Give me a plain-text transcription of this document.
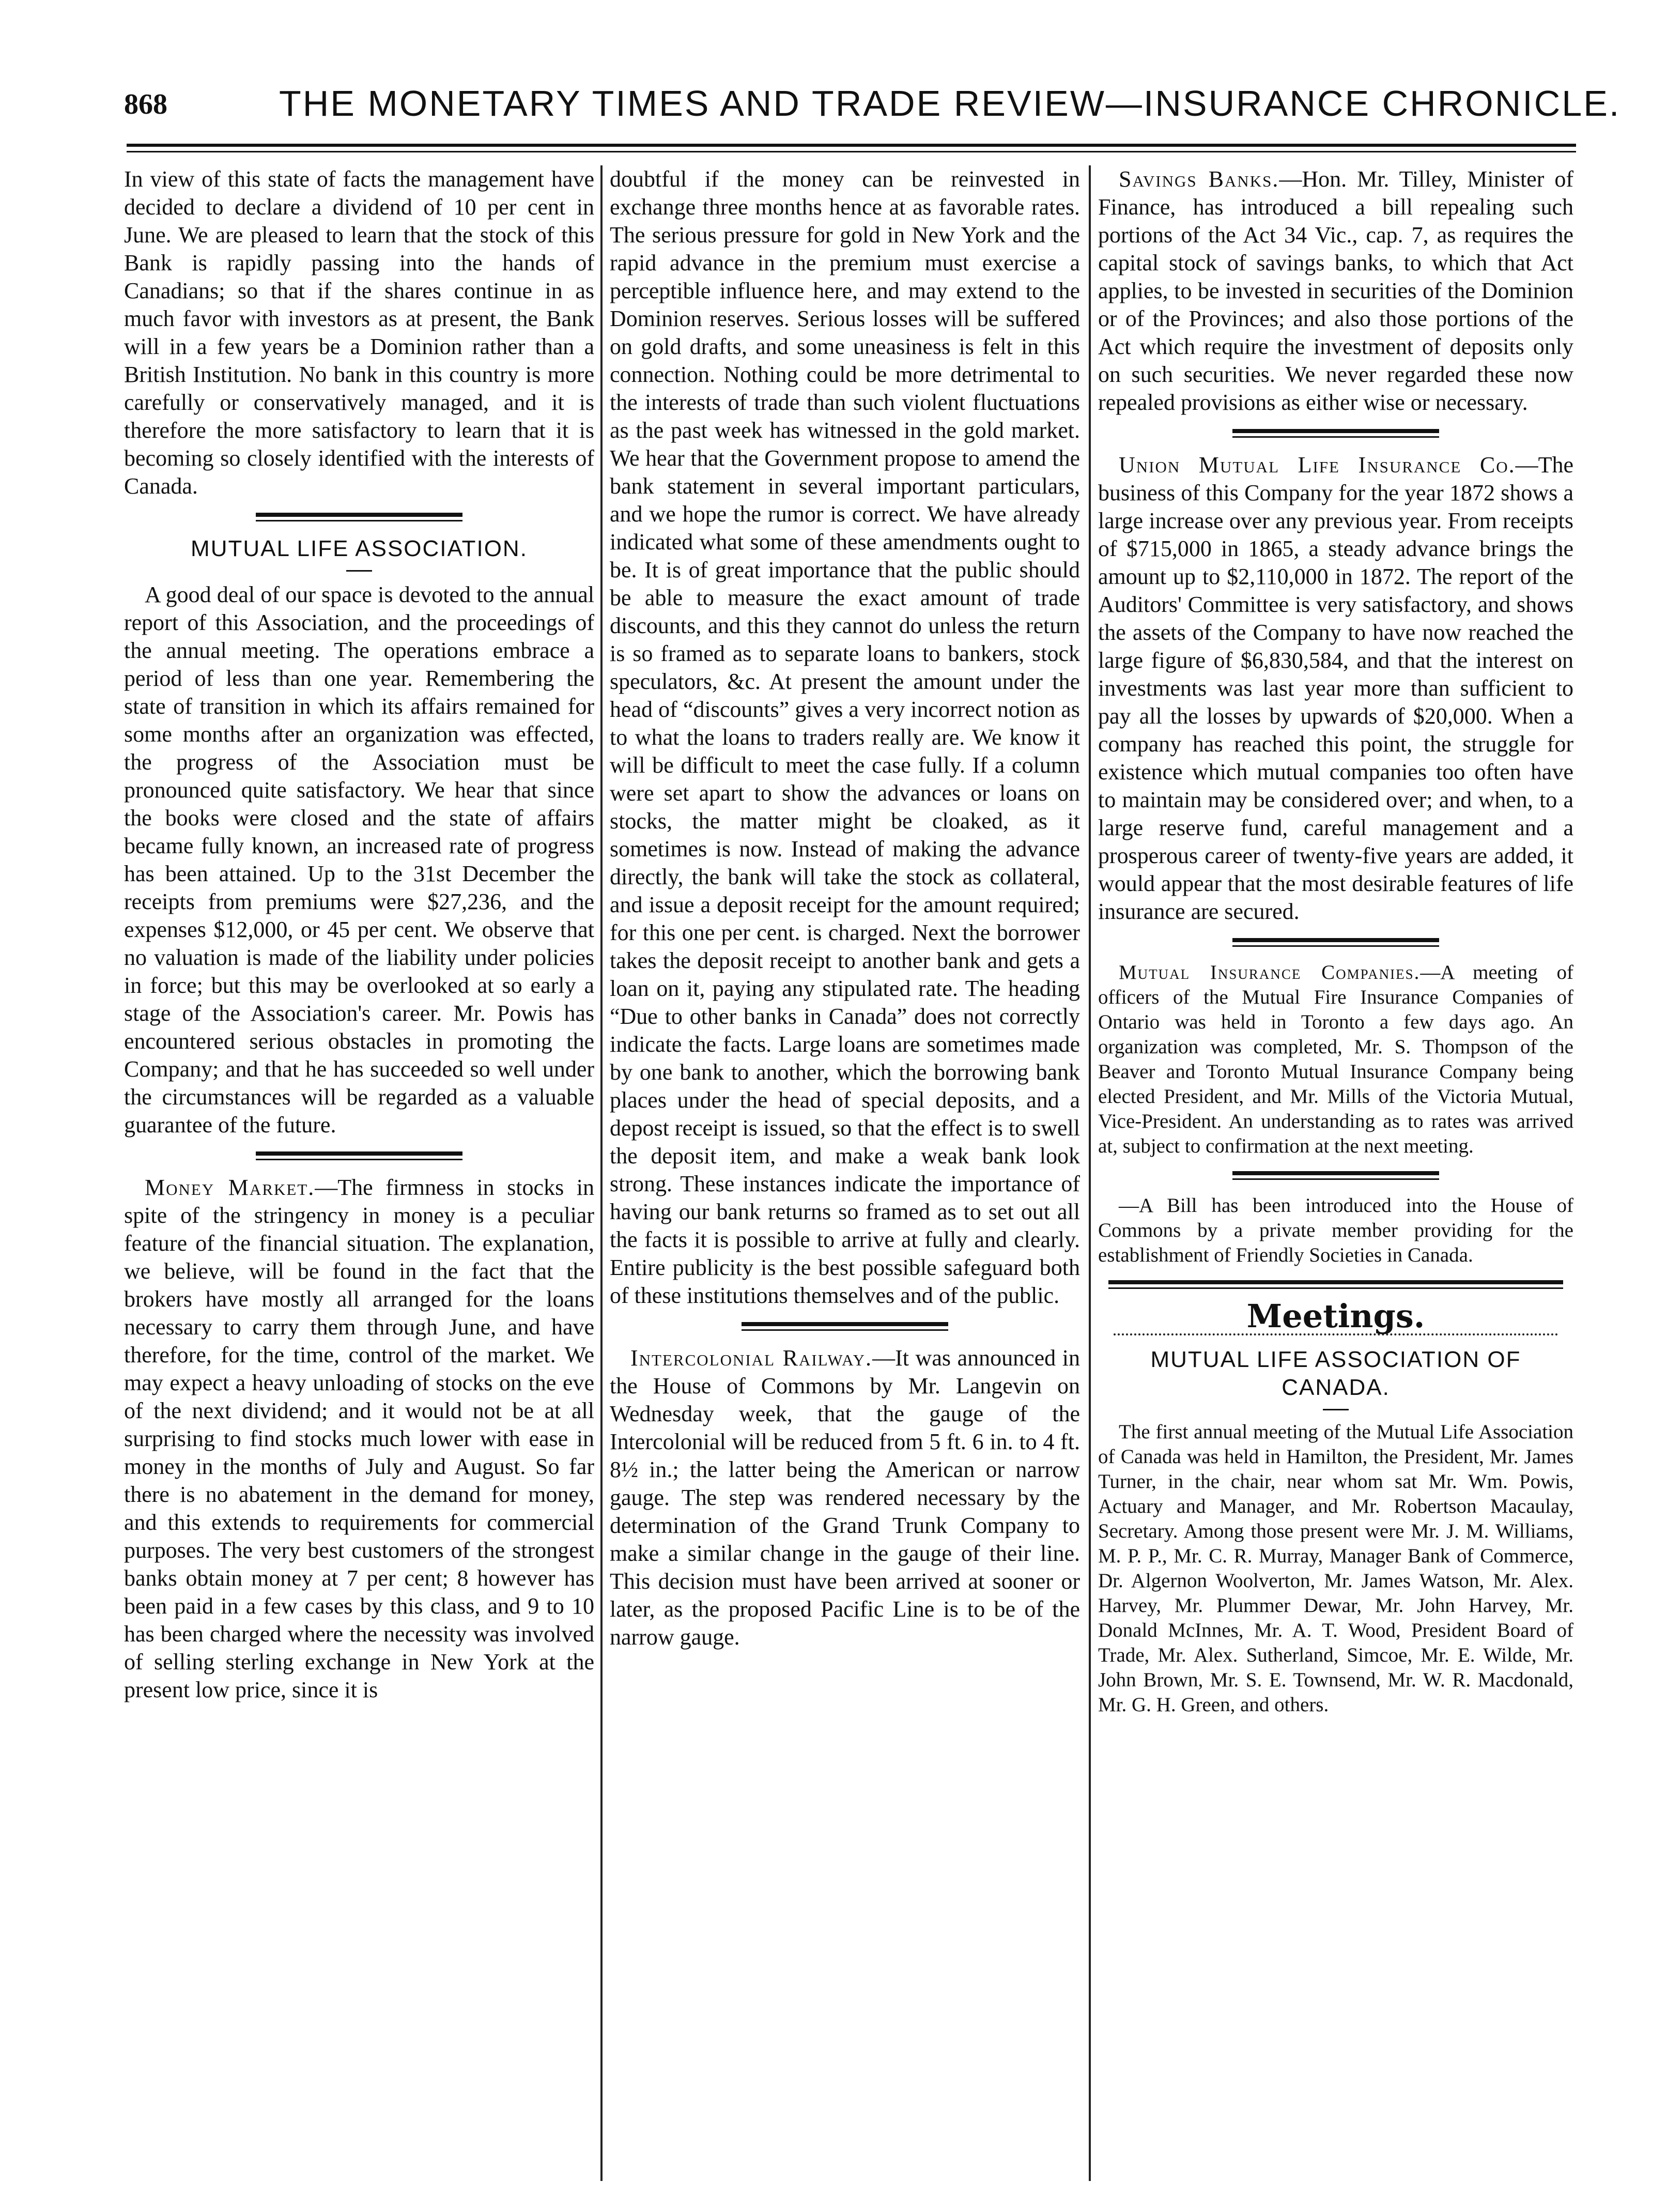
868	THE MONETARY TIMES AND TRADE REVIEW—INSURANCE CHRONICLE.

In view of this state of facts the management have decided to declare a dividend of 10 per cent in June. We are pleased to learn that the stock of this Bank is rapidly passing into the hands of Canadians; so that if the shares continue in as much favor with investors as at present, the Bank will in a few years be a Dominion rather than a British Institution. No bank in this country is more carefully or conservatively managed, and it is therefore the more satisfactory to learn that it is becoming so closely identified with the interests of Canada.

MUTUAL LIFE ASSOCIATION.

A good deal of our space is devoted to the annual report of this Association, and the proceedings of the annual meeting. The operations embrace a period of less than one year. Remembering the state of transition in which its affairs remained for some months after an organization was effected, the progress of the Association must be pronounced quite satisfactory. We hear that since the books were closed and the state of affairs became fully known, an increased rate of progress has been attained. Up to the 31st December the receipts from premiums were $27,236, and the expenses $12,000, or 45 per cent. We observe that no valuation is made of the liability under policies in force; but this may be overlooked at so early a stage of the Association's career. Mr. Powis has encountered serious obstacles in promoting the Company; and that he has succeeded so well under the circumstances will be regarded as a valuable guarantee of the future.

Money Market.—The firmness in stocks in spite of the stringency in money is a peculiar feature of the financial situation. The explanation, we believe, will be found in the fact that the brokers have mostly all arranged for the loans necessary to carry them through June, and have therefore, for the time, control of the market. We may expect a heavy unloading of stocks on the eve of the next dividend; and it would not be at all surprising to find stocks much lower with ease in money in the months of July and August. So far there is no abatement in the demand for money, and this extends to requirements for commercial purposes. The very best customers of the strongest banks obtain money at 7 per cent; 8 however has been paid in a few cases by this class, and 9 to 10 has been charged where the necessity was involved of selling sterling exchange in New York at the present low price, since it is

doubtful if the money can be reinvested in exchange three months hence at as favorable rates. The serious pressure for gold in New York and the rapid advance in the premium must exercise a perceptible influence here, and may extend to the Dominion reserves. Serious losses will be suffered on gold drafts, and some uneasiness is felt in this connection. Nothing could be more detrimental to the interests of trade than such violent fluctuations as the past week has witnessed in the gold market. We hear that the Government propose to amend the bank statement in several important particulars, and we hope the rumor is correct. We have already indicated what some of these amendments ought to be. It is of great importance that the public should be able to measure the exact amount of trade discounts, and this they cannot do unless the return is so framed as to separate loans to bankers, stock speculators, &c. At present the amount under the head of “discounts” gives a very incorrect notion as to what the loans to traders really are. We know it will be difficult to meet the case fully. If a column were set apart to show the advances or loans on stocks, the matter might be cloaked, as it sometimes is now. Instead of making the advance directly, the bank will take the stock as collateral, and issue a deposit receipt for the amount required; for this one per cent. is charged. Next the borrower takes the deposit receipt to another bank and gets a loan on it, paying any stipulated rate. The heading “Due to other banks in Canada” does not correctly indicate the facts. Large loans are sometimes made by one bank to another, which the borrowing bank places under the head of special deposits, and a depost receipt is issued, so that the effect is to swell the deposit item, and make a weak bank look strong. These instances indicate the importance of having our bank returns so framed as to set out all the facts it is possible to arrive at fully and clearly. Entire publicity is the best possible safeguard both of these institutions themselves and of the public.

Intercolonial Railway.—It was announced in the House of Commons by Mr. Langevin on Wednesday week, that the gauge of the Intercolonial will be reduced from 5 ft. 6 in. to 4 ft. 8½ in.; the latter being the American or narrow gauge. The step was rendered necessary by the determination of the Grand Trunk Company to make a similar change in the gauge of their line. This decision must have been arrived at sooner or later, as the proposed Pacific Line is to be of the narrow gauge.

Savings Banks.—Hon. Mr. Tilley, Minister of Finance, has introduced a bill repealing such portions of the Act 34 Vic., cap. 7, as requires the capital stock of savings banks, to which that Act applies, to be invested in securities of the Dominion or of the Provinces; and also those portions of the Act which require the investment of deposits only on such securities. We never regarded these now repealed provisions as either wise or necessary.

Union Mutual Life Insurance Co.—The business of this Company for the year 1872 shows a large increase over any previous year. From receipts of $715,000 in 1865, a steady advance brings the amount up to $2,110,000 in 1872. The report of the Auditors' Committee is very satisfactory, and shows the assets of the Company to have now reached the large figure of $6,830,584, and that the interest on investments was last year more than sufficient to pay all the losses by upwards of $20,000. When a company has reached this point, the struggle for existence which mutual companies too often have to maintain may be considered over; and when, to a large reserve fund, careful management and a prosperous career of twenty-five years are added, it would appear that the most desirable features of life insurance are secured.

Mutual Insurance Companies.—A meeting of officers of the Mutual Fire Insurance Companies of Ontario was held in Toronto a few days ago. An organization was completed, Mr. S. Thompson of the Beaver and Toronto Mutual Insurance Company being elected President, and Mr. Mills of the Victoria Mutual, Vice-President. An understanding as to rates was arrived at, subject to confirmation at the next meeting.

—A Bill has been introduced into the House of Commons by a private member providing for the establishment of Friendly Societies in Canada.

Meetings.

MUTUAL LIFE ASSOCIATION OF CANADA.

The first annual meeting of the Mutual Life Association of Canada was held in Hamilton, the President, Mr. James Turner, in the chair, near whom sat Mr. Wm. Powis, Actuary and Manager, and Mr. Robertson Macaulay, Secretary. Among those present were Mr. J. M. Williams, M. P. P., Mr. C. R. Murray, Manager Bank of Commerce, Dr. Algernon Woolverton, Mr. James Watson, Mr. Alex. Harvey, Mr. Plummer Dewar, Mr. John Harvey, Mr. Donald McInnes, Mr. A. T. Wood, President Board of Trade, Mr. Alex. Sutherland, Simcoe, Mr. E. Wilde, Mr. John Brown, Mr. S. E. Townsend, Mr. W. R. Macdonald, Mr. G. H. Green, and others.
